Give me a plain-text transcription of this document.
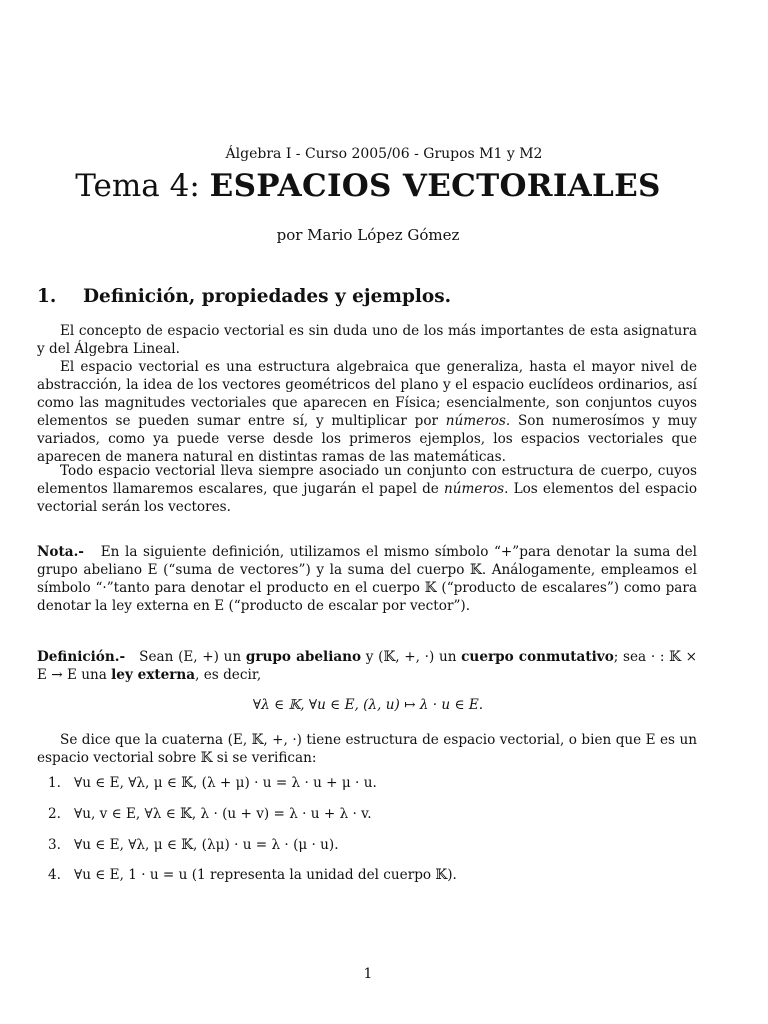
Álgebra I - Curso 2005/06 - Grupos M1 y M2
Tema 4: ESPACIOS VECTORIALES
por Mario López Gómez
1. Definición, propiedades y ejemplos.
El concepto de espacio vectorial es sin duda uno de los más importantes de esta asignatura y del Álgebra Lineal.
El espacio vectorial es una estructura algebraica que generaliza, hasta el mayor nivel de abstracción, la idea de los vectores geométricos del plano y el espacio euclídeos ordinarios, así como las magnitudes vectoriales que aparecen en Física; esencialmente, son conjuntos cuyos elementos se pueden sumar entre sí, y multiplicar por números. Son numerosímos y muy variados, como ya puede verse desde los primeros ejemplos, los espacios vectoriales que aparecen de manera natural en distintas ramas de las matemáticas.
Todo espacio vectorial lleva siempre asociado un conjunto con estructura de cuerpo, cuyos elementos llamaremos escalares, que jugarán el papel de números. Los elementos del espacio vectorial serán los vectores.
Nota.- En la siguiente definición, utilizamos el mismo símbolo “+”para denotar la suma del grupo abeliano E (“suma de vectores”) y la suma del cuerpo 𝕂. Análogamente, empleamos el símbolo “·”tanto para denotar el producto en el cuerpo 𝕂 (“producto de escalares”) como para denotar la ley externa en E (“producto de escalar por vector”).
Definición.- Sean (E, +) un grupo abeliano y (𝕂, +, ·) un cuerpo conmutativo; sea · : 𝕂 × E → E una ley externa, es decir,
∀λ ∈ 𝕂, ∀u ∈ E, (λ, u) ↦ λ · u ∈ E.
Se dice que la cuaterna (E, 𝕂, +, ·) tiene estructura de espacio vectorial, o bien que E es un espacio vectorial sobre 𝕂 si se verifican:
1. ∀u ∈ E, ∀λ, μ ∈ 𝕂, (λ + μ) · u = λ · u + μ · u.
2. ∀u, v ∈ E, ∀λ ∈ 𝕂, λ · (u + v) = λ · u + λ · v.
3. ∀u ∈ E, ∀λ, μ ∈ 𝕂, (λμ) · u = λ · (μ · u).
4. ∀u ∈ E, 1 · u = u (1 representa la unidad del cuerpo 𝕂).
1
